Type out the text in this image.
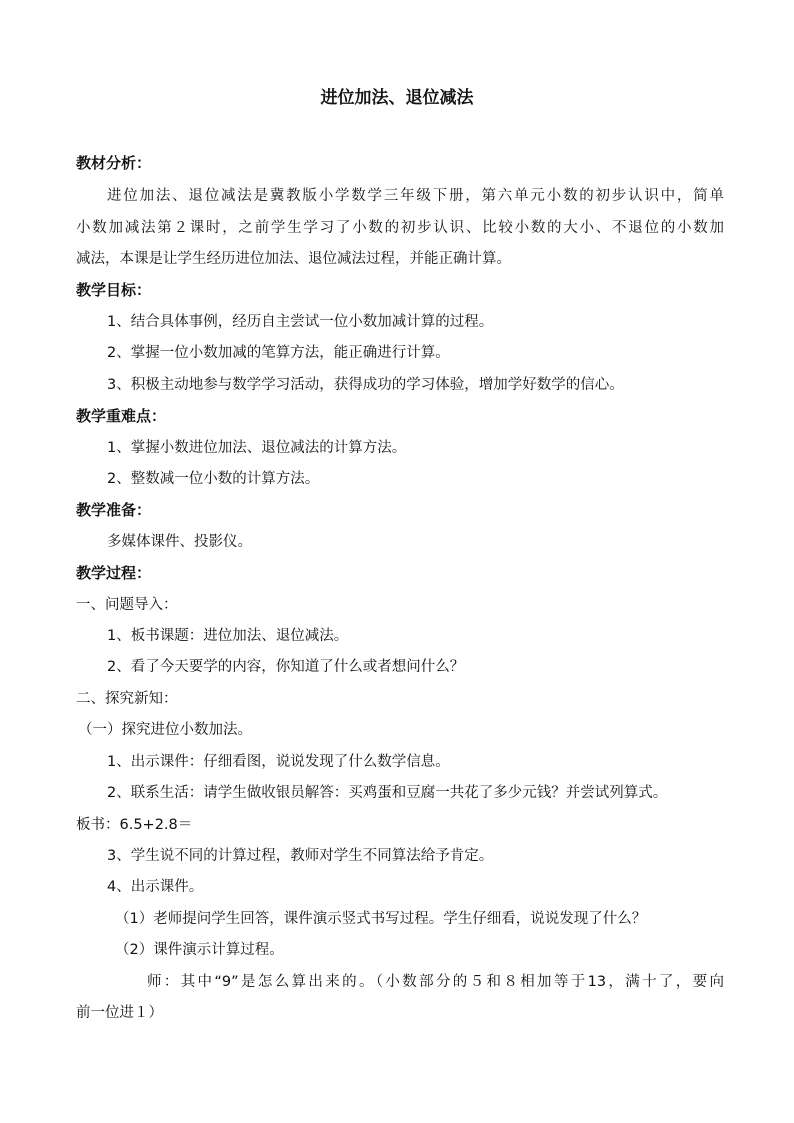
进位加法、退位减法
教材分析：
进位加法、退位减法是冀教版小学数学三年级下册，第六单元小数的初步认识中，简单
小数加减法第２课时，之前学生学习了小数的初步认识、比较小数的大小、不退位的小数加
减法，本课是让学生经历进位加法、退位减法过程，并能正确计算。
教学目标：
1、结合具体事例，经历自主尝试一位小数加减计算的过程。
2、掌握一位小数加减的笔算方法，能正确进行计算。
3、积极主动地参与数学学习活动，获得成功的学习体验，增加学好数学的信心。
教学重难点：
1、掌握小数进位加法、退位减法的计算方法。
2、整数减一位小数的计算方法。
教学准备：
多媒体课件、投影仪。
教学过程：
一、问题导入：
1、板书课题：进位加法、退位减法。
2、看了今天要学的内容，你知道了什么或者想问什么？
二、探究新知：
（一）探究进位小数加法。
1、出示课件：仔细看图，说说发现了什么数学信息。
2、联系生活：请学生做收银员解答：买鸡蛋和豆腐一共花了多少元钱？并尝试列算式。
板书：6.5+2.8＝
3、学生说不同的计算过程，教师对学生不同算法给予肯定。
4、出示课件。
（1）老师提问学生回答，课件演示竖式书写过程。学生仔细看，说说发现了什么？
（2）课件演示计算过程。
师：其中“9”是怎么算出来的。（小数部分的５和８相加等于13，满十了，要向
前一位进１）
